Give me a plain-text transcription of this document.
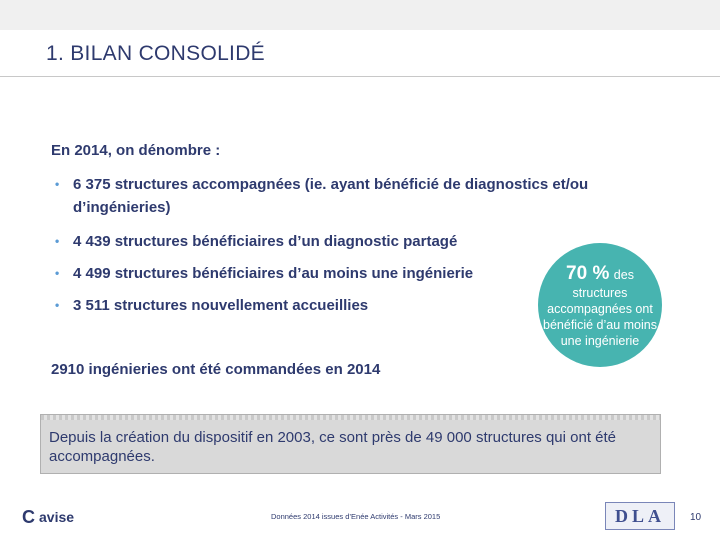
1. BILAN CONSOLIDÉ
En 2014, on dénombre :
• 6 375 structures accompagnées (ie. ayant bénéficié de diagnostics et/ou d’ingénieries)
• 4 439 structures bénéficiaires d’un diagnostic partagé
• 4 499 structures bénéficiaires d’au moins une ingénierie
• 3 511 structures nouvellement accueillies
2910 ingénieries ont été commandées en 2014
70 % des
structures accompagnées ont bénéficié d’au moins une ingénierie
Depuis la création du dispositif en 2003, ce sont près de 49 000 structures qui ont été accompagnées.
C avise	Données 2014 issues d’Enée Activités - Mars 2015	DLA	10
